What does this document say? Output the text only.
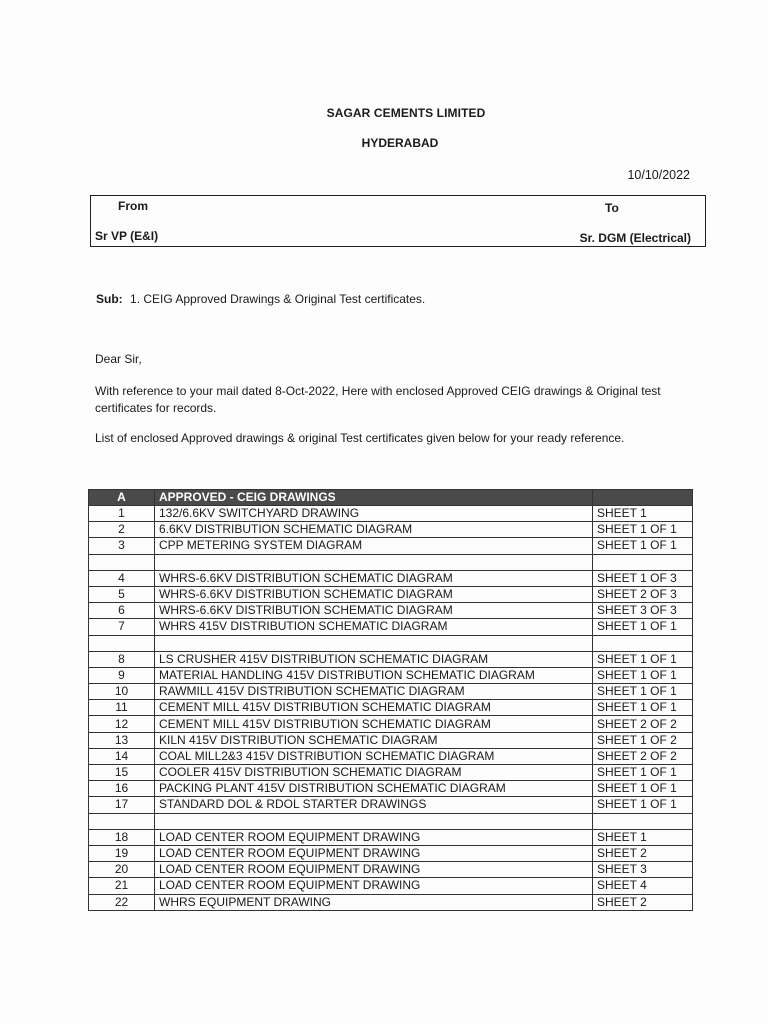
SAGAR CEMENTS LIMITED
HYDERABAD
10/10/2022
From	To
Sr VP (E&I)	Sr. DGM (Electrical)
Sub: 1. CEIG Approved Drawings & Original Test certificates.
Dear Sir,
With reference to your mail dated 8-Oct-2022, Here with enclosed Approved CEIG drawings & Original test certificates for records.
List of enclosed Approved drawings & original Test certificates given below for your ready reference.
A	APPROVED - CEIG DRAWINGS	
1	132/6.6KV SWITCHYARD DRAWING	SHEET 1
2	6.6KV DISTRIBUTION SCHEMATIC DIAGRAM	SHEET 1 OF 1
3	CPP METERING SYSTEM DIAGRAM	SHEET 1 OF 1

4	WHRS-6.6KV DISTRIBUTION SCHEMATIC DIAGRAM	SHEET 1 OF 3
5	WHRS-6.6KV DISTRIBUTION SCHEMATIC DIAGRAM	SHEET 2 OF 3
6	WHRS-6.6KV DISTRIBUTION SCHEMATIC DIAGRAM	SHEET 3 OF 3
7	WHRS 415V DISTRIBUTION SCHEMATIC DIAGRAM	SHEET 1 OF 1

8	LS CRUSHER 415V DISTRIBUTION SCHEMATIC DIAGRAM	SHEET 1 OF 1
9	MATERIAL HANDLING 415V DISTRIBUTION SCHEMATIC DIAGRAM	SHEET 1 OF 1
10	RAWMILL 415V DISTRIBUTION SCHEMATIC DIAGRAM	SHEET 1 OF 1
11	CEMENT MILL 415V DISTRIBUTION SCHEMATIC DIAGRAM	SHEET 1 OF 1
12	CEMENT MILL 415V DISTRIBUTION SCHEMATIC DIAGRAM	SHEET 2 OF 2
13	KILN 415V DISTRIBUTION SCHEMATIC DIAGRAM	SHEET 1 OF 2
14	COAL MILL2&3 415V DISTRIBUTION SCHEMATIC DIAGRAM	SHEET 2 OF 2
15	COOLER 415V DISTRIBUTION SCHEMATIC DIAGRAM	SHEET 1 OF 1
16	PACKING PLANT 415V DISTRIBUTION SCHEMATIC DIAGRAM	SHEET 1 OF 1
17	STANDARD DOL & RDOL STARTER DRAWINGS	SHEET 1 OF 1

18	LOAD CENTER ROOM EQUIPMENT DRAWING	SHEET 1
19	LOAD CENTER ROOM EQUIPMENT DRAWING	SHEET 2
20	LOAD CENTER ROOM EQUIPMENT DRAWING	SHEET 3
21	LOAD CENTER ROOM EQUIPMENT DRAWING	SHEET 4
22	WHRS EQUIPMENT DRAWING	SHEET 2
